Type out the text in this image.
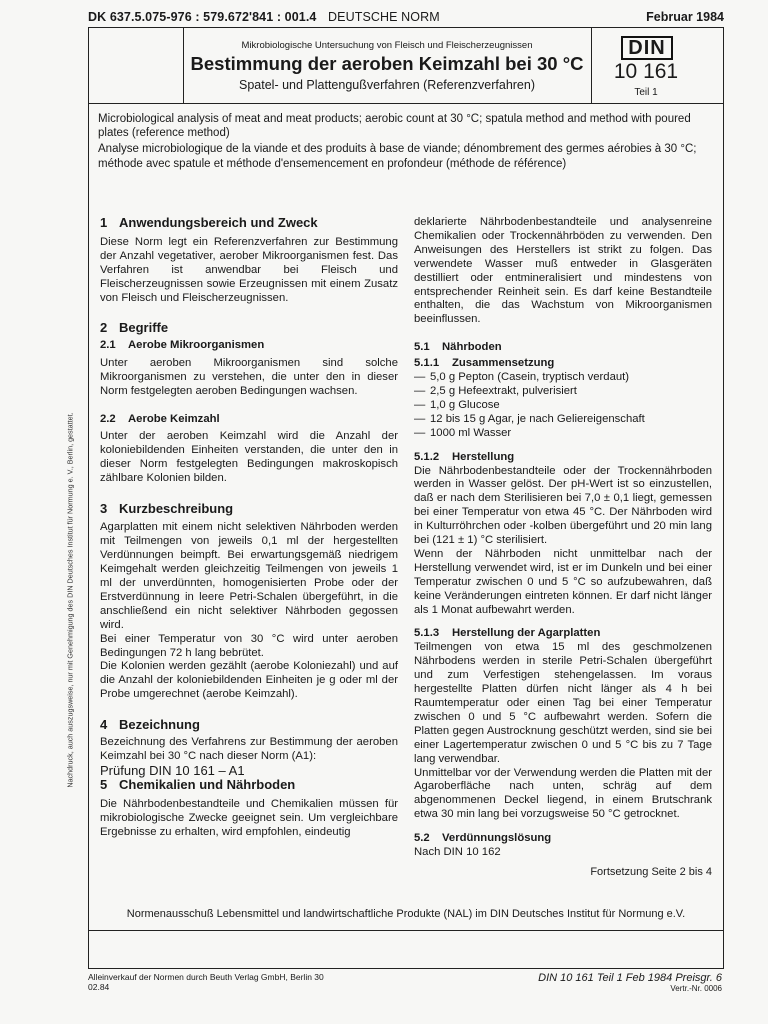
DK 637.5.075-976 : 579.672'841 : 001.4 DEUTSCHE NORM	Februar 1984
Mikrobiologische Untersuchung von Fleisch und Fleischerzeugnissen
Bestimmung der aeroben Keimzahl bei 30 °C
Spatel- und Plattengußverfahren (Referenzverfahren)
DIN
10 161
Teil 1

Microbiological analysis of meat and meat products; aerobic count at 30 °C; spatula method and method with poured plates (reference method)

Analyse microbiologique de la viande et des produits à base de viande; dénombrement des germes aérobies à 30 °C; méthode avec spatule et méthode d'ensemencement en profondeur (méthode de référence)

Nachdruck, auch auszugsweise, nur mit Genehmigung des DIN Deutsches Institut für Normung e. V., Berlin, gestattet.

1 Anwendungsbereich und Zweck

Diese Norm legt ein Referenzverfahren zur Bestimmung der Anzahl vegetativer, aerober Mikroorganismen fest. Das Verfahren ist anwendbar bei Fleisch und Fleischerzeugnissen sowie Erzeugnissen mit einem Zusatz von Fleisch und Fleischerzeugnissen.

2 Begriffe

2.1 Aerobe Mikroorganismen

Unter aeroben Mikroorganismen sind solche Mikroorganismen zu verstehen, die unter den in dieser Norm festgelegten aeroben Bedingungen wachsen.

2.2 Aerobe Keimzahl

Unter der aeroben Keimzahl wird die Anzahl der koloniebildenden Einheiten verstanden, die unter den in dieser Norm festgelegten Bedingungen makroskopisch zählbare Kolonien bilden.

3 Kurzbeschreibung

Agarplatten mit einem nicht selektiven Nährboden werden mit Teilmengen von jeweils 0,1 ml der hergestellten Verdünnungen beimpft. Bei erwartungsgemäß niedrigem Keimgehalt werden gleichzeitig Teilmengen von jeweils 1 ml der unverdünnten, homogenisierten Probe oder der Erstverdünnung in leere Petri-Schalen übergeführt, in die anschließend ein nicht selektiver Nährboden gegossen wird.

Bei einer Temperatur von 30 °C wird unter aeroben Bedingungen 72 h lang bebrütet.

Die Kolonien werden gezählt (aerobe Koloniezahl) und auf die Anzahl der koloniebildenden Einheiten je g oder ml der Probe umgerechnet (aerobe Keimzahl).

4 Bezeichnung

Bezeichnung des Verfahrens zur Bestimmung der aeroben Keimzahl bei 30 °C nach dieser Norm (A1):

Prüfung DIN 10 161 – A1

5 Chemikalien und Nährboden

Die Nährbodenbestandteile und Chemikalien müssen für mikrobiologische Zwecke geeignet sein. Um vergleichbare Ergebnisse zu erhalten, wird empfohlen, eindeutig

deklarierte Nährbodenbestandteile und analysenreine Chemikalien oder Trockennährböden zu verwenden. Den Anweisungen des Herstellers ist strikt zu folgen. Das verwendete Wasser muß entweder in Glasgeräten destilliert oder entmineralisiert und mindestens von entsprechender Reinheit sein. Es darf keine Bestandteile enthalten, die das Wachstum von Mikroorganismen beeinflussen.

5.1 Nährboden

5.1.1 Zusammensetzung

— 5,0 g Pepton (Casein, tryptisch verdaut)
— 2,5 g Hefeextrakt, pulverisiert
— 1,0 g Glucose
— 12 bis 15 g Agar, je nach Geliereigenschaft
— 1000 ml Wasser

5.1.2 Herstellung

Die Nährbodenbestandteile oder der Trockennährboden werden in Wasser gelöst. Der pH-Wert ist so einzustellen, daß er nach dem Sterilisieren bei 7,0 ± 0,1 liegt, gemessen bei einer Temperatur von etwa 45 °C. Der Nährboden wird in Kulturröhrchen oder -kolben übergeführt und 20 min lang bei (121 ± 1) °C sterilisiert.

Wenn der Nährboden nicht unmittelbar nach der Herstellung verwendet wird, ist er im Dunkeln und bei einer Temperatur zwischen 0 und 5 °C so aufzubewahren, daß keine Veränderungen eintreten können. Er darf nicht länger als 1 Monat aufbewahrt werden.

5.1.3 Herstellung der Agarplatten

Teilmengen von etwa 15 ml des geschmolzenen Nährbodens werden in sterile Petri-Schalen übergeführt und zum Verfestigen stehengelassen. Im voraus hergestellte Platten dürfen nicht länger als 4 h bei Raumtemperatur oder einen Tag bei einer Temperatur zwischen 0 und 5 °C aufbewahrt werden. Sofern die Platten gegen Austrocknung geschützt werden, sind sie bei einer Lagertemperatur zwischen 0 und 5 °C bis zu 7 Tage lang verwendbar.

Unmittelbar vor der Verwendung werden die Platten mit der Agaroberfläche nach unten, schräg auf dem abgenommenen Deckel liegend, in einem Brutschrank etwa 30 min lang bei vorzugsweise 50 °C getrocknet.

5.2 Verdünnungslösung

Nach DIN 10 162

Fortsetzung Seite 2 bis 4
Normenausschuß Lebensmittel und landwirtschaftliche Produkte (NAL) im DIN Deutsches Institut für Normung e.V.
Alleinverkauf der Normen durch Beuth Verlag GmbH, Berlin 30
02.84
DIN 10 161 Teil 1 Feb 1984 Preisgr. 6
Vertr.-Nr. 0006
